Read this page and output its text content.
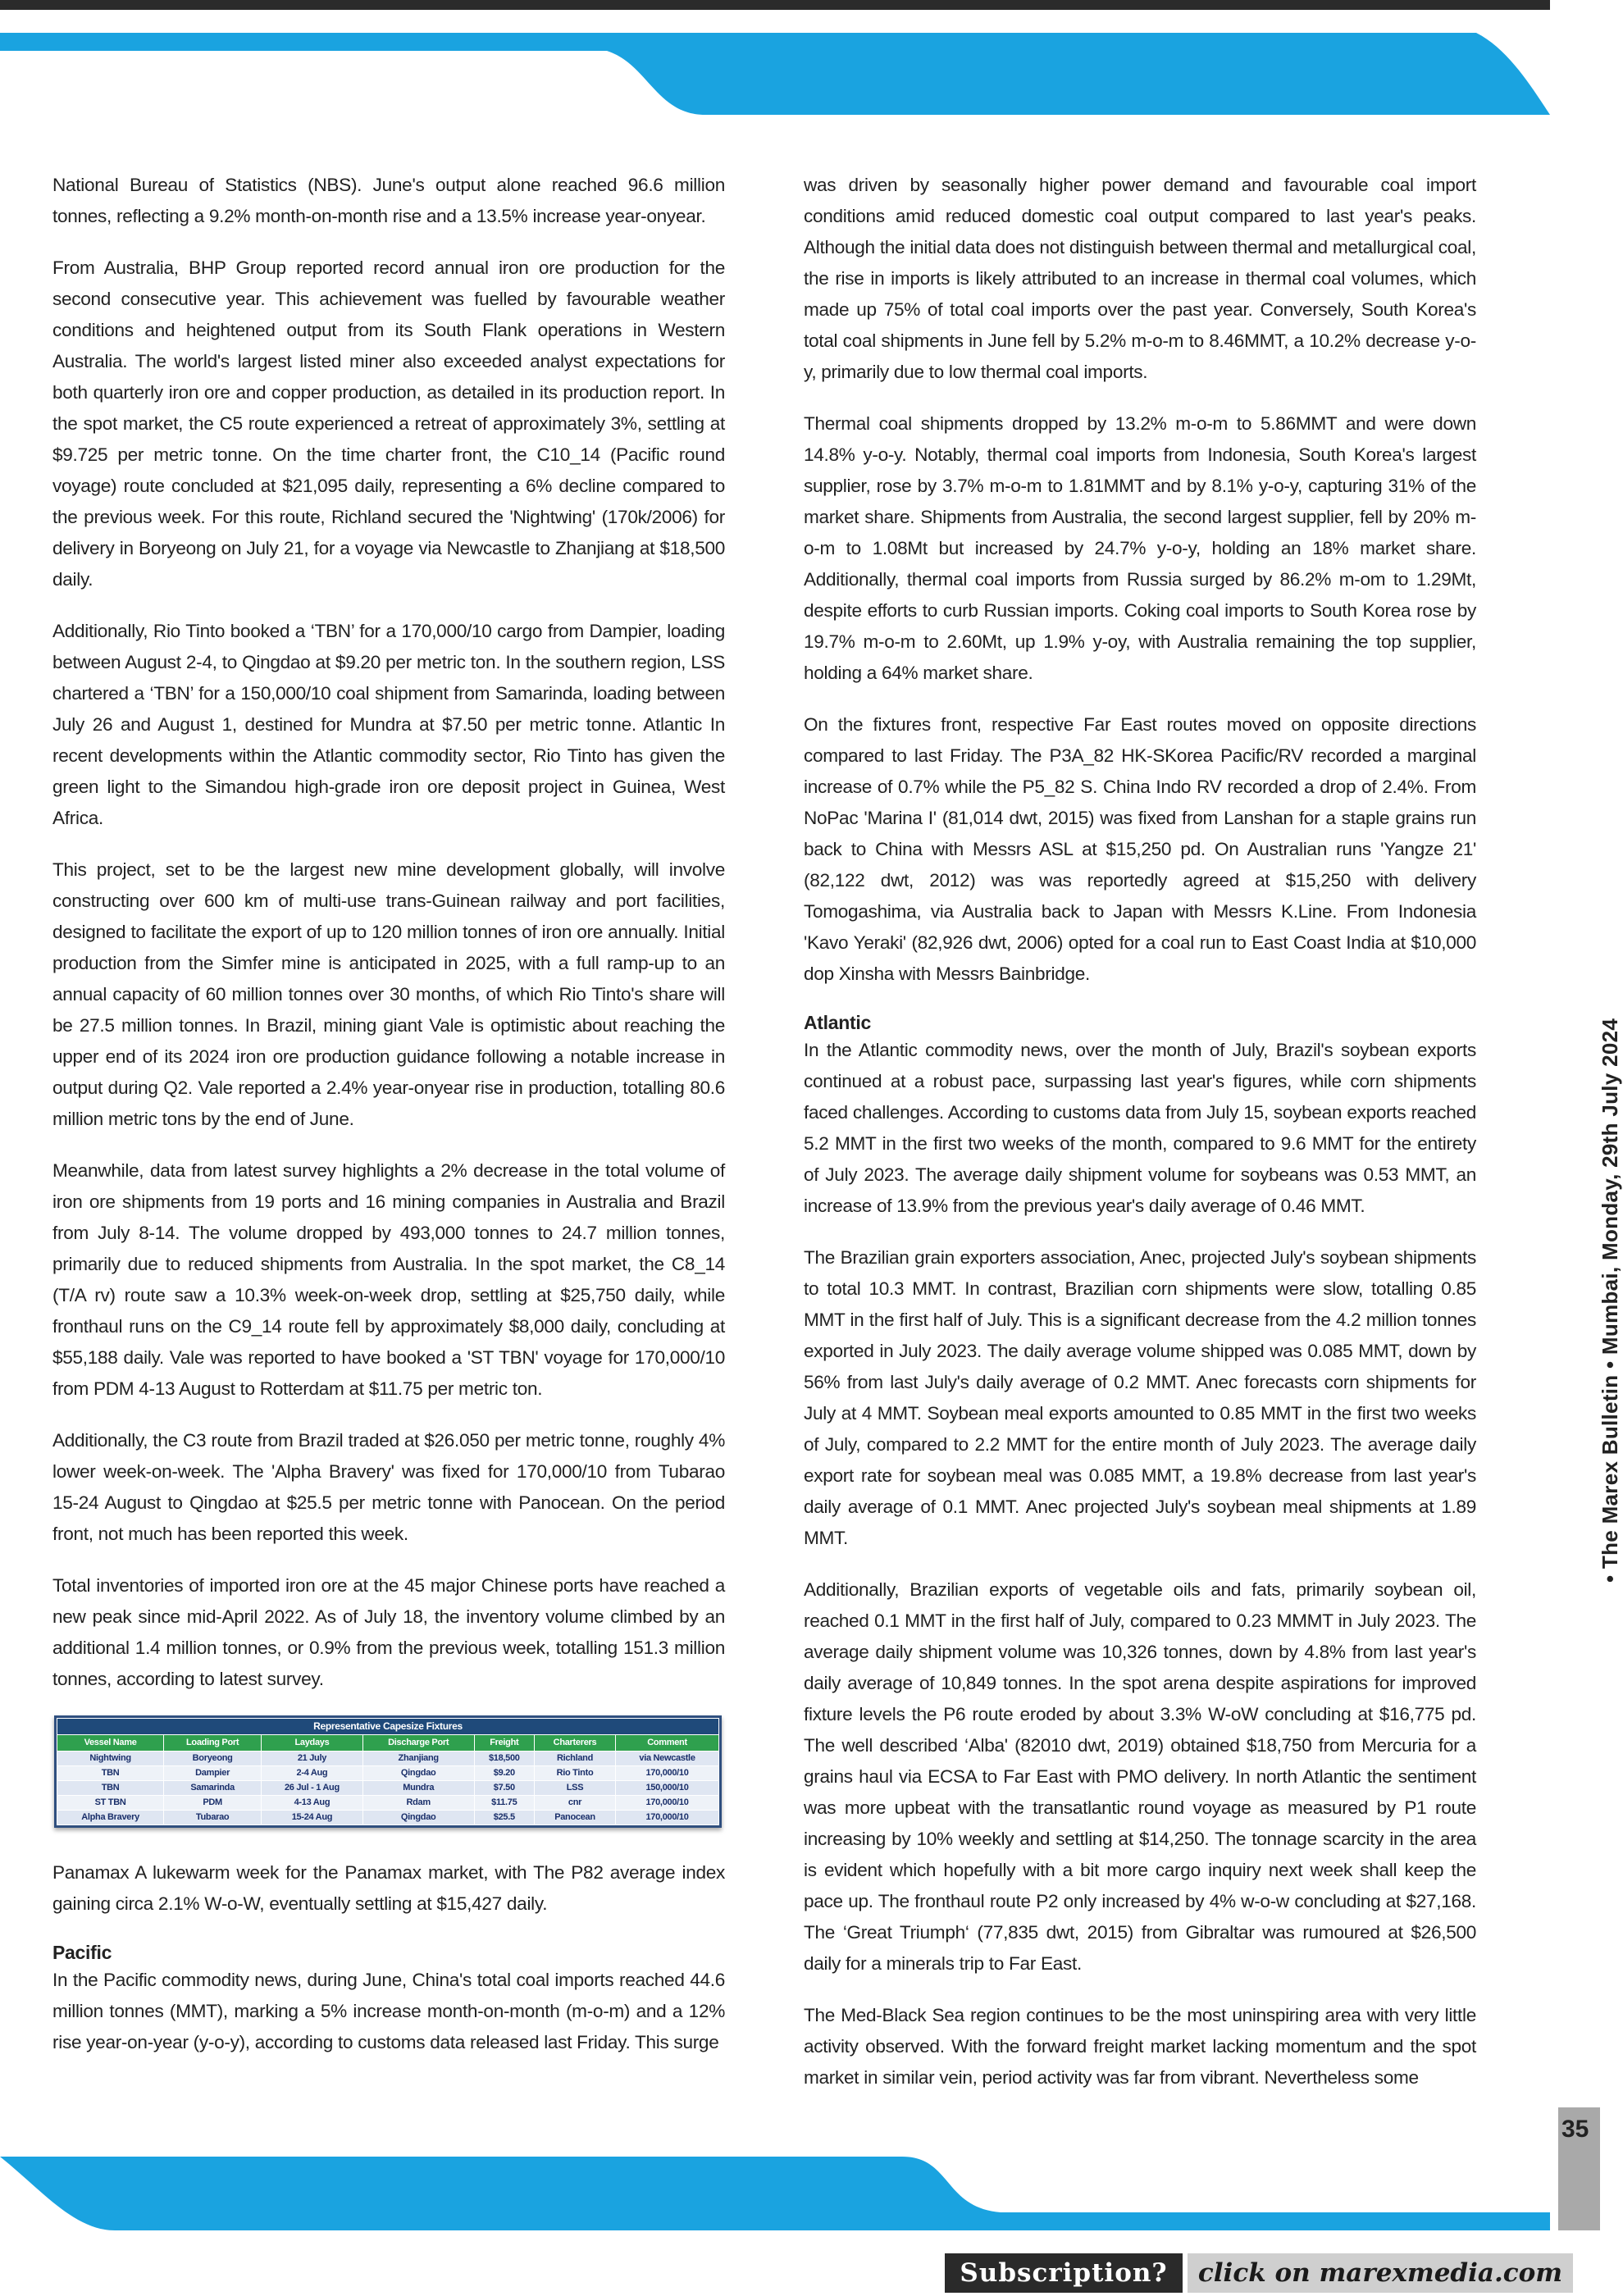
National Bureau of Statistics (NBS). June's output alone reached 96.6 million tonnes, reflecting a 9.2% month-on-month rise and a 13.5% increase year-onyear.

From Australia, BHP Group reported record annual iron ore production for the second consecutive year. This achievement was fuelled by favourable weather conditions and heightened output from its South Flank operations in Western Australia. The world's largest listed miner also exceeded analyst expectations for both quarterly iron ore and copper production, as detailed in its production report. In the spot market, the C5 route experienced a retreat of approximately 3%, settling at $9.725 per metric tonne. On the time charter front, the C10_14 (Pacific round voyage) route concluded at $21,095 daily, representing a 6% decline compared to the previous week. For this route, Richland secured the 'Nightwing' (170k/2006) for delivery in Boryeong on July 21, for a voyage via Newcastle to Zhanjiang at $18,500 daily.

Additionally, Rio Tinto booked a ‘TBN’ for a 170,000/10 cargo from Dampier, loading between August 2-4, to Qingdao at $9.20 per metric ton. In the southern region, LSS chartered a ‘TBN’ for a 150,000/10 coal shipment from Samarinda, loading between July 26 and August 1, destined for Mundra at $7.50 per metric tonne. Atlantic In recent developments within the Atlantic commodity sector, Rio Tinto has given the green light to the Simandou high-grade iron ore deposit project in Guinea, West Africa.

This project, set to be the largest new mine development globally, will involve constructing over 600 km of multi-use trans-Guinean railway and port facilities, designed to facilitate the export of up to 120 million tonnes of iron ore annually. Initial production from the Simfer mine is anticipated in 2025, with a full ramp-up to an annual capacity of 60 million tonnes over 30 months, of which Rio Tinto's share will be 27.5 million tonnes. In Brazil, mining giant Vale is optimistic about reaching the upper end of its 2024 iron ore production guidance following a notable increase in output during Q2. Vale reported a 2.4% year-onyear rise in production, totalling 80.6 million metric tons by the end of June.

Meanwhile, data from latest survey highlights a 2% decrease in the total volume of iron ore shipments from 19 ports and 16 mining companies in Australia and Brazil from July 8-14. The volume dropped by 493,000 tonnes to 24.7 million tonnes, primarily due to reduced shipments from Australia. In the spot market, the C8_14 (T/A rv) route saw a 10.3% week-on-week drop, settling at $25,750 daily, while fronthaul runs on the C9_14 route fell by approximately $8,000 daily, concluding at $55,188 daily. Vale was reported to have booked a 'ST TBN' voyage for 170,000/10 from PDM 4-13 August to Rotterdam at $11.75 per metric ton.

Additionally, the C3 route from Brazil traded at $26.050 per metric tonne, roughly 4% lower week-on-week. The 'Alpha Bravery' was fixed for 170,000/10 from Tubarao 15-24 August to Qingdao at $25.5 per metric tonne with Panocean. On the period front, not much has been reported this week.

Total inventories of imported iron ore at the 45 major Chinese ports have reached a new peak since mid-April 2022. As of July 18, the inventory volume climbed by an additional 1.4 million tonnes, or 0.9% from the previous week, totalling 151.3 million tonnes, according to latest survey.

Representative Capesize Fixtures						
Vessel Name	Loading Port	Laydays	Discharge Port	Freight	Charterers	Comment
Nightwing	Boryeong	21 July	Zhanjiang	$18,500	Richland	via Newcastle
TBN	Dampier	2-4 Aug	Qingdao	$9.20	Rio Tinto	170,000/10
TBN	Samarinda	26 Jul - 1 Aug	Mundra	$7.50	LSS	150,000/10
ST TBN	PDM	4-13 Aug	Rdam	$11.75	cnr	170,000/10
Alpha Bravery	Tubarao	15-24 Aug	Qingdao	$25.5	Panocean	170,000/10

Panamax A lukewarm week for the Panamax market, with The P82 average index gaining circa 2.1% W-o-W, eventually settling at $15,427 daily.

Pacific

In the Pacific commodity news, during June, China's total coal imports reached 44.6 million tonnes (MMT), marking a 5% increase month-on-month (m-o-m) and a 12% rise year-on-year (y-o-y), according to customs data released last Friday. This surge

was driven by seasonally higher power demand and favourable coal import conditions amid reduced domestic coal output compared to last year's peaks. Although the initial data does not distinguish between thermal and metallurgical coal, the rise in imports is likely attributed to an increase in thermal coal volumes, which made up 75% of total coal imports over the past year. Conversely, South Korea's total coal shipments in June fell by 5.2% m-o-m to 8.46MMT, a 10.2% decrease y-o-y, primarily due to low thermal coal imports.

Thermal coal shipments dropped by 13.2% m-o-m to 5.86MMT and were down 14.8% y-o-y. Notably, thermal coal imports from Indonesia, South Korea's largest supplier, rose by 3.7% m-o-m to 1.81MMT and by 8.1% y-o-y, capturing 31% of the market share. Shipments from Australia, the second largest supplier, fell by 20% m-o-m to 1.08Mt but increased by 24.7% y-o-y, holding an 18% market share. Additionally, thermal coal imports from Russia surged by 86.2% m-om to 1.29Mt, despite efforts to curb Russian imports. Coking coal imports to South Korea rose by 19.7% m-o-m to 2.60Mt, up 1.9% y-oy, with Australia remaining the top supplier, holding a 64% market share.

On the fixtures front, respective Far East routes moved on opposite directions compared to last Friday. The P3A_82 HK-SKorea Pacific/RV recorded a marginal increase of 0.7% while the P5_82 S. China Indo RV recorded a drop of 2.4%. From NoPac 'Marina I' (81,014 dwt, 2015) was fixed from Lanshan for a staple grains run back to China with Messrs ASL at $15,250 pd. On Australian runs 'Yangze 21' (82,122 dwt, 2012) was was reportedly agreed at $15,250 with delivery Tomogashima, via Australia back to Japan with Messrs K.Line. From Indonesia 'Kavo Yeraki' (82,926 dwt, 2006) opted for a coal run to East Coast India at $10,000 dop Xinsha with Messrs Bainbridge.

Atlantic

In the Atlantic commodity news, over the month of July, Brazil's soybean exports continued at a robust pace, surpassing last year's figures, while corn shipments faced challenges. According to customs data from July 15, soybean exports reached 5.2 MMT in the first two weeks of the month, compared to 9.6 MMT for the entirety of July 2023. The average daily shipment volume for soybeans was 0.53 MMT, an increase of 13.9% from the previous year's daily average of 0.46 MMT.

The Brazilian grain exporters association, Anec, projected July's soybean shipments to total 10.3 MMT. In contrast, Brazilian corn shipments were slow, totalling 0.85 MMT in the first half of July. This is a significant decrease from the 4.2 million tonnes exported in July 2023. The daily average volume shipped was 0.085 MMT, down by 56% from last July's daily average of 0.2 MMT. Anec forecasts corn shipments for July at 4 MMT. Soybean meal exports amounted to 0.85 MMT in the first two weeks of July, compared to 2.2 MMT for the entire month of July 2023. The average daily export rate for soybean meal was 0.085 MMT, a 19.8% decrease from last year's daily average of 0.1 MMT. Anec projected July's soybean meal shipments at 1.89 MMT.

Additionally, Brazilian exports of vegetable oils and fats, primarily soybean oil, reached 0.1 MMT in the first half of July, compared to 0.23 MMMT in July 2023. The average daily shipment volume was 10,326 tonnes, down by 4.8% from last year's daily average of 10,849 tonnes. In the spot arena despite aspirations for improved fixture levels the P6 route eroded by about 3.3% W-oW concluding at $16,775 pd. The well described ‘Alba' (82010 dwt, 2019) obtained $18,750 from Mercuria for a grains haul via ECSA to Far East with PMO delivery. In north Atlantic the sentiment was more upbeat with the transatlantic round voyage as measured by P1 route increasing by 10% weekly and settling at $14,250. The tonnage scarcity in the area is evident which hopefully with a bit more cargo inquiry next week shall keep the pace up. The fronthaul route P2 only increased by 4% w-o-w concluding at $27,168. The ‘Great Triumph‘ (77,835 dwt, 2015) from Gibraltar was rumoured at $26,500 daily for a minerals trip to Far East.

The Med-Black Sea region continues to be the most uninspiring area with very little activity observed. With the forward freight market lacking momentum and the spot market in similar vein, period activity was far from vibrant. Nevertheless some

• The Marex Bulletin • Mumbai, Monday, 29th July 2024
35
Subscription?	click on marexmedia.com
